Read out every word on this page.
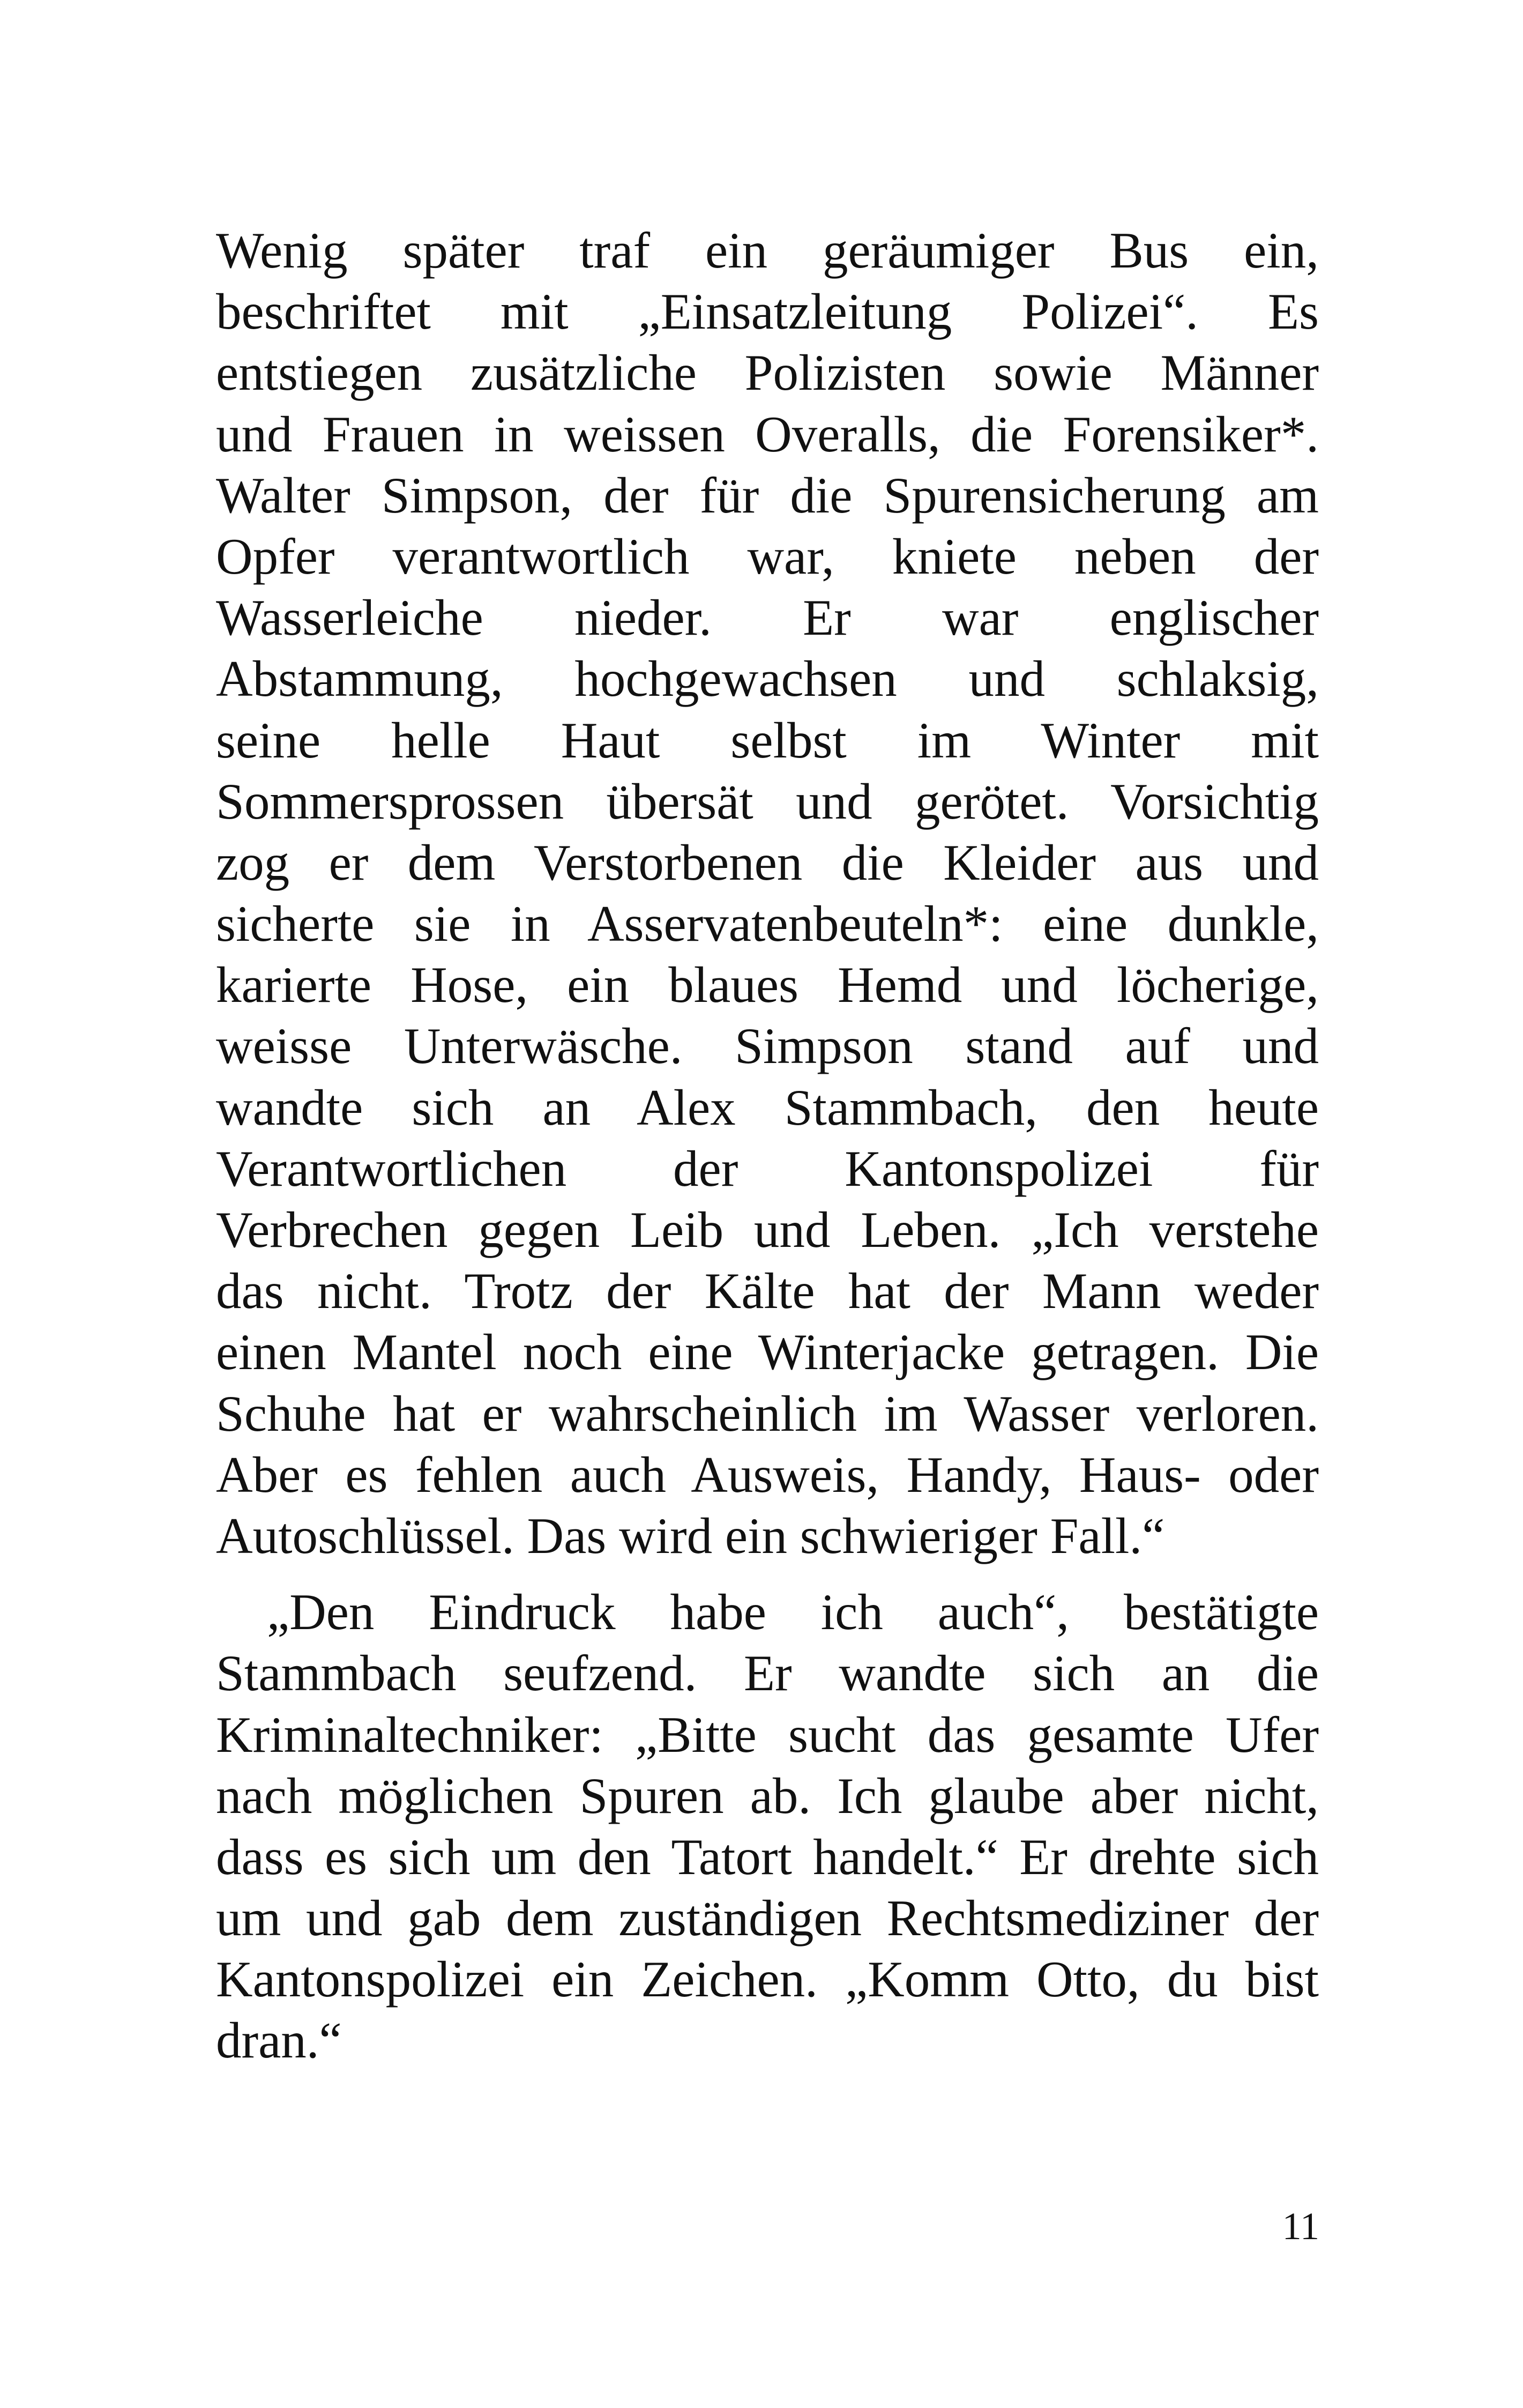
Wenig später traf ein geräumiger Bus ein,
beschriftet mit „Einsatzleitung Polizei“. Es
entstiegen zusätzliche Polizisten sowie Männer
und Frauen in weissen Overalls, die Forensiker*.
Walter Simpson, der für die Spurensicherung am
Opfer verantwortlich war, kniete neben der
Wasserleiche nieder. Er war englischer
Abstammung, hochgewachsen und schlaksig,
seine helle Haut selbst im Winter mit
Sommersprossen übersät und gerötet. Vorsichtig
zog er dem Verstorbenen die Kleider aus und
sicherte sie in Asservatenbeuteln*: eine dunkle,
karierte Hose, ein blaues Hemd und löcherige,
weisse Unterwäsche. Simpson stand auf und
wandte sich an Alex Stammbach, den heute
Verantwortlichen der Kantonspolizei für
Verbrechen gegen Leib und Leben. „Ich verstehe
das nicht. Trotz der Kälte hat der Mann weder
einen Mantel noch eine Winterjacke getragen. Die
Schuhe hat er wahrscheinlich im Wasser verloren.
Aber es fehlen auch Ausweis, Handy, Haus- oder
Autoschlüssel. Das wird ein schwieriger Fall.“
„Den Eindruck habe ich auch“, bestätigte
Stammbach seufzend. Er wandte sich an die
Kriminaltechniker: „Bitte sucht das gesamte Ufer
nach möglichen Spuren ab. Ich glaube aber nicht,
dass es sich um den Tatort handelt.“ Er drehte sich
um und gab dem zuständigen Rechtsmediziner der
Kantonspolizei ein Zeichen. „Komm Otto, du bist
dran.“
11
